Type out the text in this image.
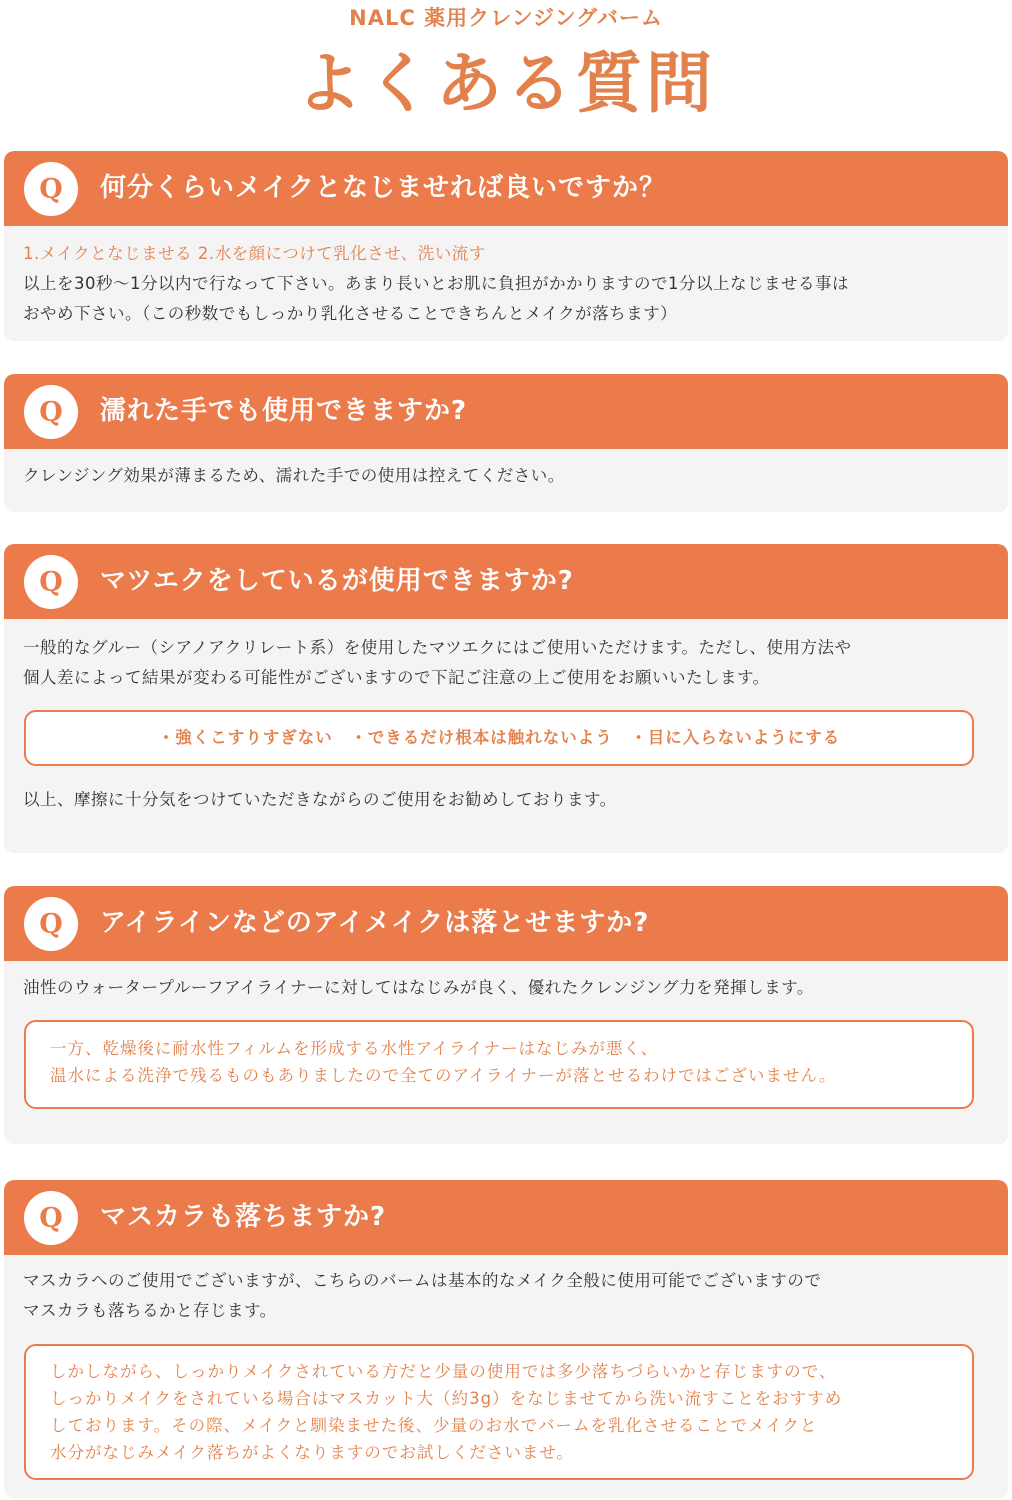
NALC 薬用クレンジングバーム
よくある質問
Q	何分くらいメイクとなじませれば良いですか？
1.メイクとなじませる 2.水を顔につけて乳化させ、洗い流す
以上を30秒〜1分以内で行なって下さい。あまり長いとお肌に負担がかかりますので1分以上なじませる事は
おやめ下さい。（この秒数でもしっかり乳化させることできちんとメイクが落ちます）
Q	濡れた手でも使用できますか?
クレンジング効果が薄まるため、濡れた手での使用は控えてください。
Q	マツエクをしているが使用できますか?
一般的なグルー（シアノアクリレート系）を使用したマツエクにはご使用いただけます。ただし、使用方法や
個人差によって結果が変わる可能性がございますので下記ご注意の上ご使用をお願いいたします。
・強くこすりすぎない　・できるだけ根本は触れないよう　・目に入らないようにする
以上、摩擦に十分気をつけていただきながらのご使用をお勧めしております。
Q	アイラインなどのアイメイクは落とせますか?
油性のウォータープルーフアイライナーに対してはなじみが良く、優れたクレンジング力を発揮します。
一方、乾燥後に耐水性フィルムを形成する水性アイライナーはなじみが悪く、
温水による洗浄で残るものもありましたので全てのアイライナーが落とせるわけではございません。
Q	マスカラも落ちますか?
マスカラへのご使用でございますが、こちらのバームは基本的なメイク全般に使用可能でございますので
マスカラも落ちるかと存じます。
しかしながら、しっかりメイクされている方だと少量の使用では多少落ちづらいかと存じますので、
しっかりメイクをされている場合はマスカット大（約3g）をなじませてから洗い流すことをおすすめ
しております。その際、メイクと馴染ませた後、少量のお水でバームを乳化させることでメイクと
水分がなじみメイク落ちがよくなりますのでお試しくださいませ。
